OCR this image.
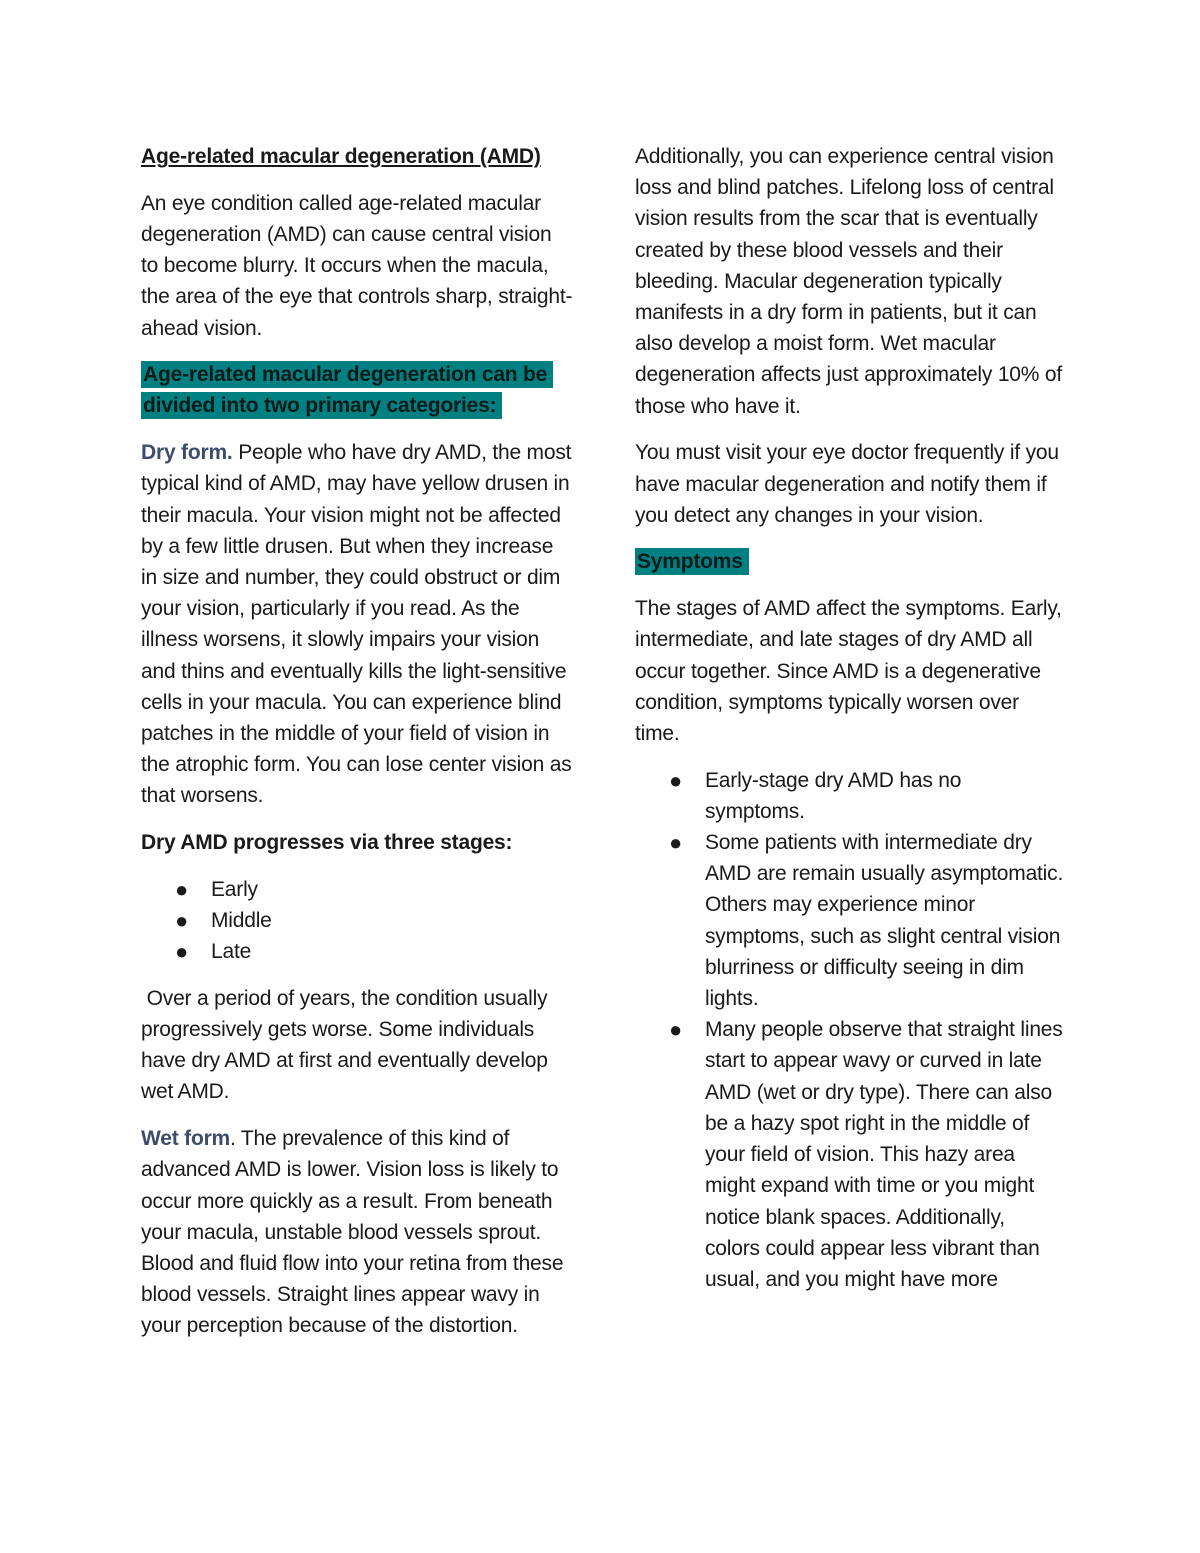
Age-related macular degeneration (AMD)

An eye condition called age-related macular degeneration (AMD) can cause central vision to become blurry. It occurs when the macula, the area of the eye that controls sharp, straight-ahead vision.

Age-related macular degeneration can be divided into two primary categories:

Dry form. People who have dry AMD, the most typical kind of AMD, may have yellow drusen in their macula. Your vision might not be affected by a few little drusen. But when they increase in size and number, they could obstruct or dim your vision, particularly if you read. As the illness worsens, it slowly impairs your vision and thins and eventually kills the light-sensitive cells in your macula. You can experience blind patches in the middle of your field of vision in the atrophic form. You can lose center vision as that worsens.

Dry AMD progresses via three stages:

● Early
● Middle
● Late

Over a period of years, the condition usually progressively gets worse. Some individuals have dry AMD at first and eventually develop wet AMD.

Wet form. The prevalence of this kind of advanced AMD is lower. Vision loss is likely to occur more quickly as a result. From beneath your macula, unstable blood vessels sprout. Blood and fluid flow into your retina from these blood vessels. Straight lines appear wavy in your perception because of the distortion.

Additionally, you can experience central vision loss and blind patches. Lifelong loss of central vision results from the scar that is eventually created by these blood vessels and their bleeding. Macular degeneration typically manifests in a dry form in patients, but it can also develop a moist form. Wet macular degeneration affects just approximately 10% of those who have it.

You must visit your eye doctor frequently if you have macular degeneration and notify them if you detect any changes in your vision.

Symptoms

The stages of AMD affect the symptoms. Early, intermediate, and late stages of dry AMD all occur together. Since AMD is a degenerative condition, symptoms typically worsen over time.

● Early-stage dry AMD has no symptoms.
● Some patients with intermediate dry AMD are remain usually asymptomatic. Others may experience minor symptoms, such as slight central vision blurriness or difficulty seeing in dim lights.
● Many people observe that straight lines start to appear wavy or curved in late AMD (wet or dry type). There can also be a hazy spot right in the middle of your field of vision. This hazy area might expand with time or you might notice blank spaces. Additionally, colors could appear less vibrant than usual, and you might have more
